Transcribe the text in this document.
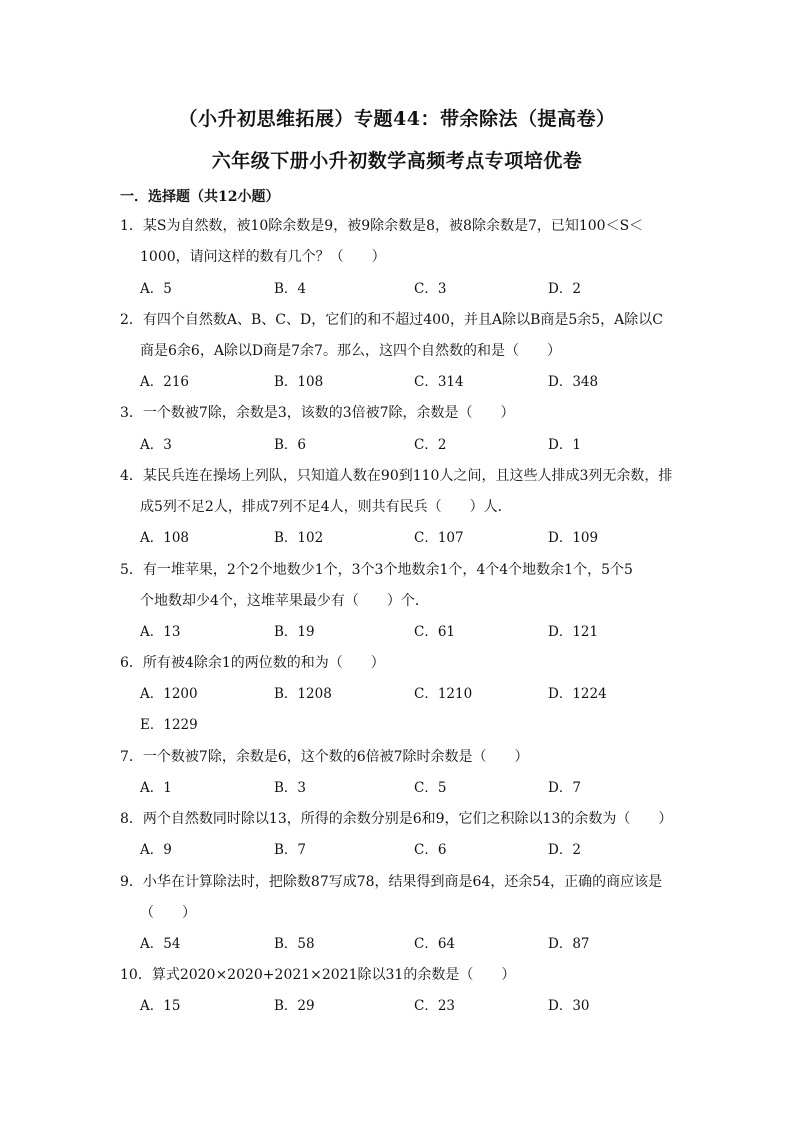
（小升初思维拓展）专题44：带余除法（提高卷）
六年级下册小升初数学高频考点专项培优卷
一．选择题（共12小题）
1．某S为自然数，被10除余数是9，被9除余数是8，被8除余数是7，已知100＜S＜
1000，请问这样的数有几个？（　　）
A．5	B．4	C．3	D．2
2．有四个自然数A、B、C、D，它们的和不超过400，并且A除以B商是5余5，A除以C
商是6余6，A除以D商是7余7。那么，这四个自然数的和是（　　）
A．216	B．108	C．314	D．348
3．一个数被7除，余数是3，该数的3倍被7除，余数是（　　）
A．3	B．6	C．2	D．1
4．某民兵连在操场上列队，只知道人数在90到110人之间，且这些人排成3列无余数，排
成5列不足2人，排成7列不足4人，则共有民兵（　　）人．
A．108	B．102	C．107	D．109
5．有一堆苹果，2个2个地数少1个，3个3个地数余1个，4个4个地数余1个，5个5
个地数却少4个，这堆苹果最少有（　　）个．
A．13	B．19	C．61	D．121
6．所有被4除余1的两位数的和为（　　）
A．1200	B．1208	C．1210	D．1224
E．1229
7．一个数被7除，余数是6，这个数的6倍被7除时余数是（　　）
A．1	B．3	C．5	D．7
8．两个自然数同时除以13，所得的余数分别是6和9，它们之积除以13的余数为（　　）
A．9	B．7	C．6	D．2
9．小华在计算除法时，把除数87写成78，结果得到商是64，还余54，正确的商应该是
（　　）
A．54	B．58	C．64	D．87
10．算式2020×2020+2021×2021除以31的余数是（　　）
A．15	B．29	C．23	D．30
